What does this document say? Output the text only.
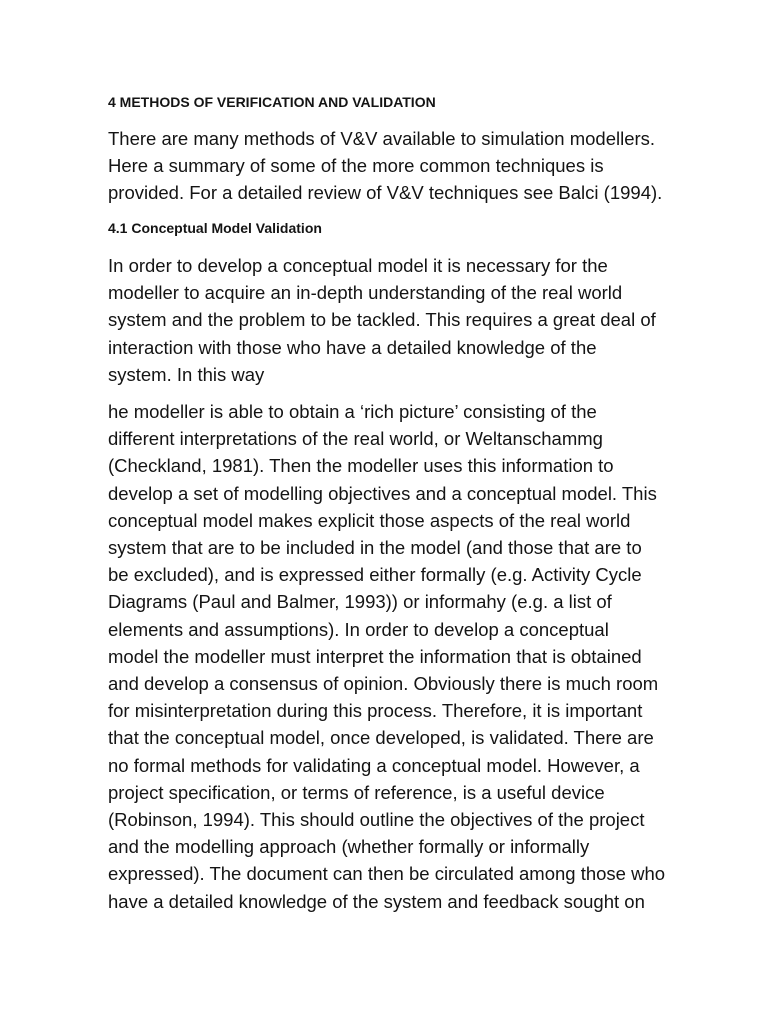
4 METHODS OF VERIFICATION AND VALIDATION

There are many methods of V&V available to simulation modellers.
Here a summary of some of the more common techniques is
provided. For a detailed review of V&V techniques see Balci (1994).

4.1 Conceptual Model Validation

In order to develop a conceptual model it is necessary for the
modeller to acquire an in-depth understanding of the real world
system and the problem to be tackled. This requires a great deal of
interaction with those who have a detailed knowledge of the
system. In this way

he modeller is able to obtain a ‘rich picture’ consisting of the
different interpretations of the real world, or Weltanschammg
(Checkland, 1981). Then the modeller uses this information to
develop a set of modelling objectives and a conceptual model. This
conceptual model makes explicit those aspects of the real world
system that are to be included in the model (and those that are to
be excluded), and is expressed either formally (e.g. Activity Cycle
Diagrams (Paul and Balmer, 1993)) or informahy (e.g. a list of
elements and assumptions). In order to develop a conceptual
model the modeller must interpret the information that is obtained
and develop a consensus of opinion. Obviously there is much room
for misinterpretation during this process. Therefore, it is important
that the conceptual model, once developed, is validated. There are
no formal methods for validating a conceptual model. However, a
project specification, or terms of reference, is a useful device
(Robinson, 1994). This should outline the objectives of the project
and the modelling approach (whether formally or informally
expressed). The document can then be circulated among those who
have a detailed knowledge of the system and feedback sought on
